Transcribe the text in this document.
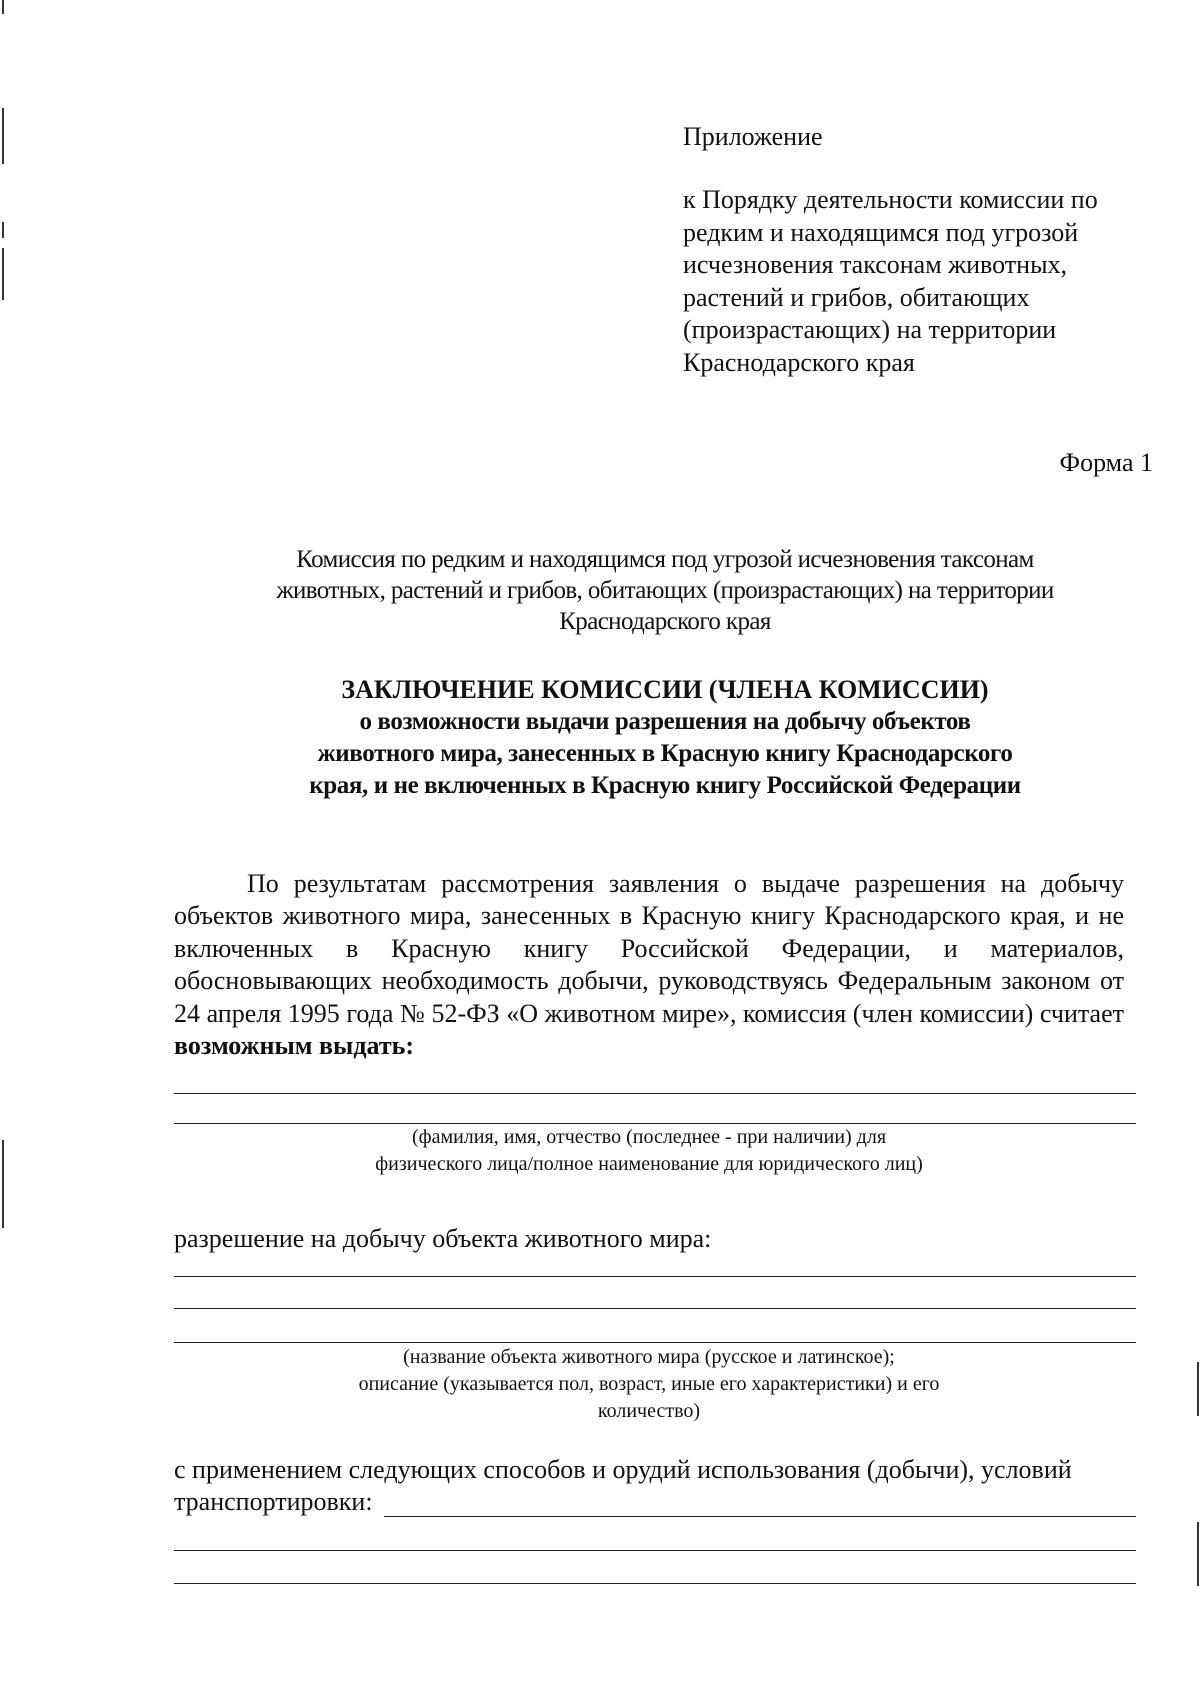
Приложение
к Порядку деятельности комиссии по
редким и находящимся под угрозой
исчезновения таксонам животных,
растений и грибов, обитающих
(произрастающих) на территории
Краснодарского края
Форма 1
Комиссия по редким и находящимся под угрозой исчезновения таксонам
животных, растений и грибов, обитающих (произрастающих) на территории
Краснодарского края
ЗАКЛЮЧЕНИЕ КОМИССИИ (ЧЛЕНА КОМИССИИ)
о возможности выдачи разрешения на добычу объектов
животного мира, занесенных в Красную книгу Краснодарского
края, и не включенных в Красную книгу Российской Федерации
По результатам рассмотрения заявления о выдаче разрешения на добычу объектов животного мира, занесенных в Красную книгу Краснодарского края, и не включенных в Красную книгу Российской Федерации, и материалов, обосновывающих необходимость добычи, руководствуясь Федеральным законом от 24 апреля 1995 года № 52-ФЗ «О животном мире», комиссия (член комиссии) считает возможным выдать:
(фамилия, имя, отчество (последнее - при наличии) для
физического лица/полное наименование для юридического лиц)
разрешение на добычу объекта животного мира:
(название объекта животного мира (русское и латинское);
описание (указывается пол, возраст, иные его характеристики) и его
количество)
с применением следующих способов и орудий использования (добычи), условий
транспортировки:
